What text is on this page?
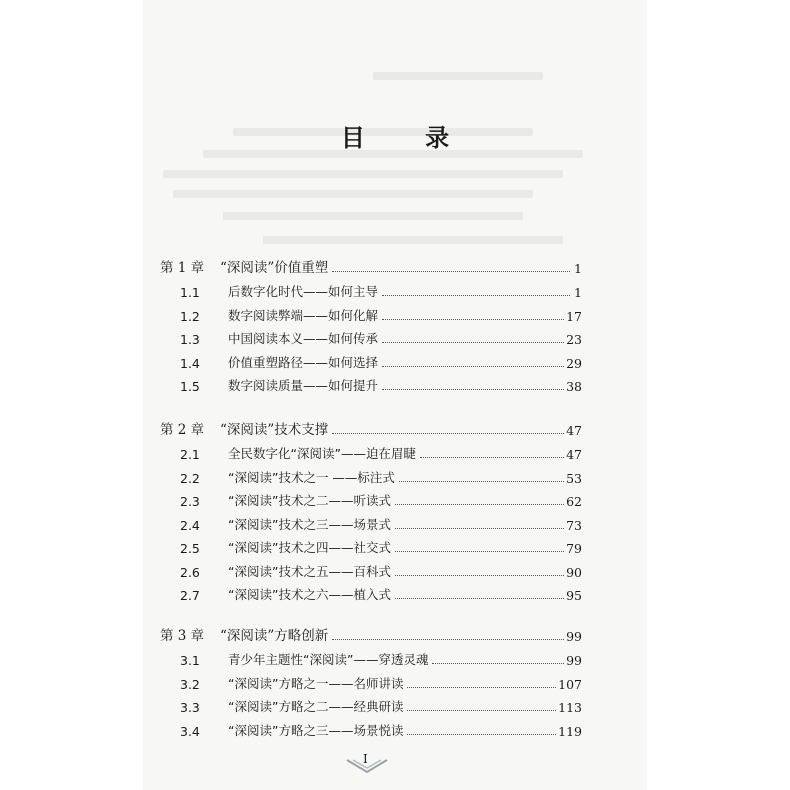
目 录
第 1 章	“深阅读”价值重塑	1
1.1	后数字化时代——如何主导	1
1.2	数字阅读弊端——如何化解	17
1.3	中国阅读本义——如何传承	23
1.4	价值重塑路径——如何选择	29
1.5	数字阅读质量——如何提升	38
第 2 章	“深阅读”技术支撑	47
2.1	全民数字化“深阅读”——迫在眉睫	47
2.2	“深阅读”技术之一 ——标注式	53
2.3	“深阅读”技术之二——听读式	62
2.4	“深阅读”技术之三——场景式	73
2.5	“深阅读”技术之四——社交式	79
2.6	“深阅读”技术之五——百科式	90
2.7	“深阅读”技术之六——植入式	95
第 3 章	“深阅读”方略创新	99
3.1	青少年主题性“深阅读”——穿透灵魂	99
3.2	“深阅读”方略之一——名师讲读	107
3.3	“深阅读”方略之二——经典研读	113
3.4	“深阅读”方略之三——场景悦读	119
I
